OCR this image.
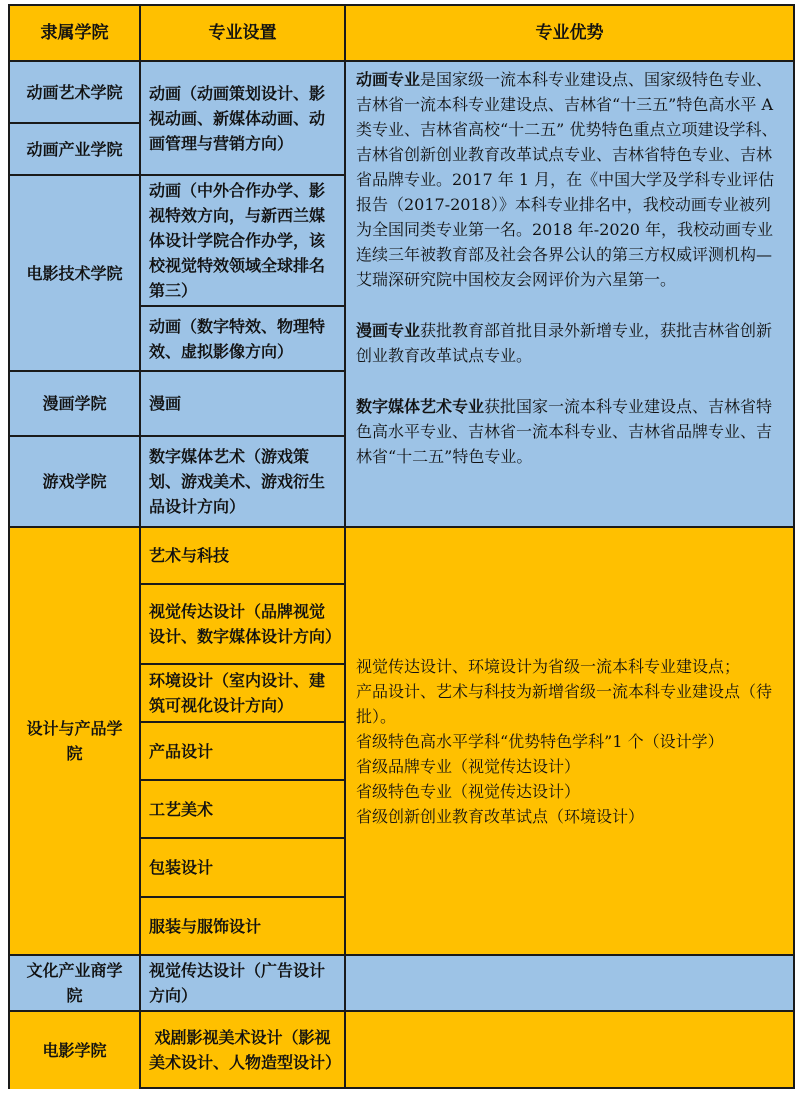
隶属学院	专业设置	专业优势
动画艺术学院
动画产业学院
电影技术学院
漫画学院
游戏学院
设计与产品学院
文化产业商学院
电影学院
动画（动画策划设计、影视动画、新媒体动画、动画管理与营销方向）
动画（中外合作办学、影视特效方向，与新西兰媒体设计学院合作办学，该校视觉特效领域全球排名第三）
动画（数字特效、物理特效、虚拟影像方向）
漫画
数字媒体艺术（游戏策划、游戏美术、游戏衍生品设计方向）
艺术与科技
视觉传达设计（品牌视觉设计、数字媒体设计方向）
环境设计（室内设计、建筑可视化设计方向）
产品设计
工艺美术
包装设计
服装与服饰设计
视觉传达设计（广告设计方向）
戏剧影视美术设计（影视美术设计、人物造型设计）

动画专业是国家级一流本科专业建设点、国家级特色专业、吉林省一流本科专业建设点、吉林省“十三五”特色高水平 A 类专业、吉林省高校“十二五” 优势特色重点立项建设学科、吉林省创新创业教育改革试点专业、吉林省特色专业、吉林省品牌专业。2017 年 1 月，在《中国大学及学科专业评估报告（2017-2018）》本科专业排名中，我校动画专业被列为全国同类专业第一名。2018 年-2020 年，我校动画专业连续三年被教育部及社会各界公认的第三方权威评测机构—艾瑞深研究院中国校友会网评价为六星第一。

漫画专业获批教育部首批目录外新增专业，获批吉林省创新创业教育改革试点专业。

数字媒体艺术专业获批国家一流本科专业建设点、吉林省特色高水平专业、吉林省一流本科专业、吉林省品牌专业、吉林省“十二五”特色专业。

视觉传达设计、环境设计为省级一流本科专业建设点；
产品设计、艺术与科技为新增省级一流本科专业建设点（待批）。
省级特色高水平学科“优势特色学科”1 个（设计学）
省级品牌专业（视觉传达设计）
省级特色专业（视觉传达设计）
省级创新创业教育改革试点（环境设计）
